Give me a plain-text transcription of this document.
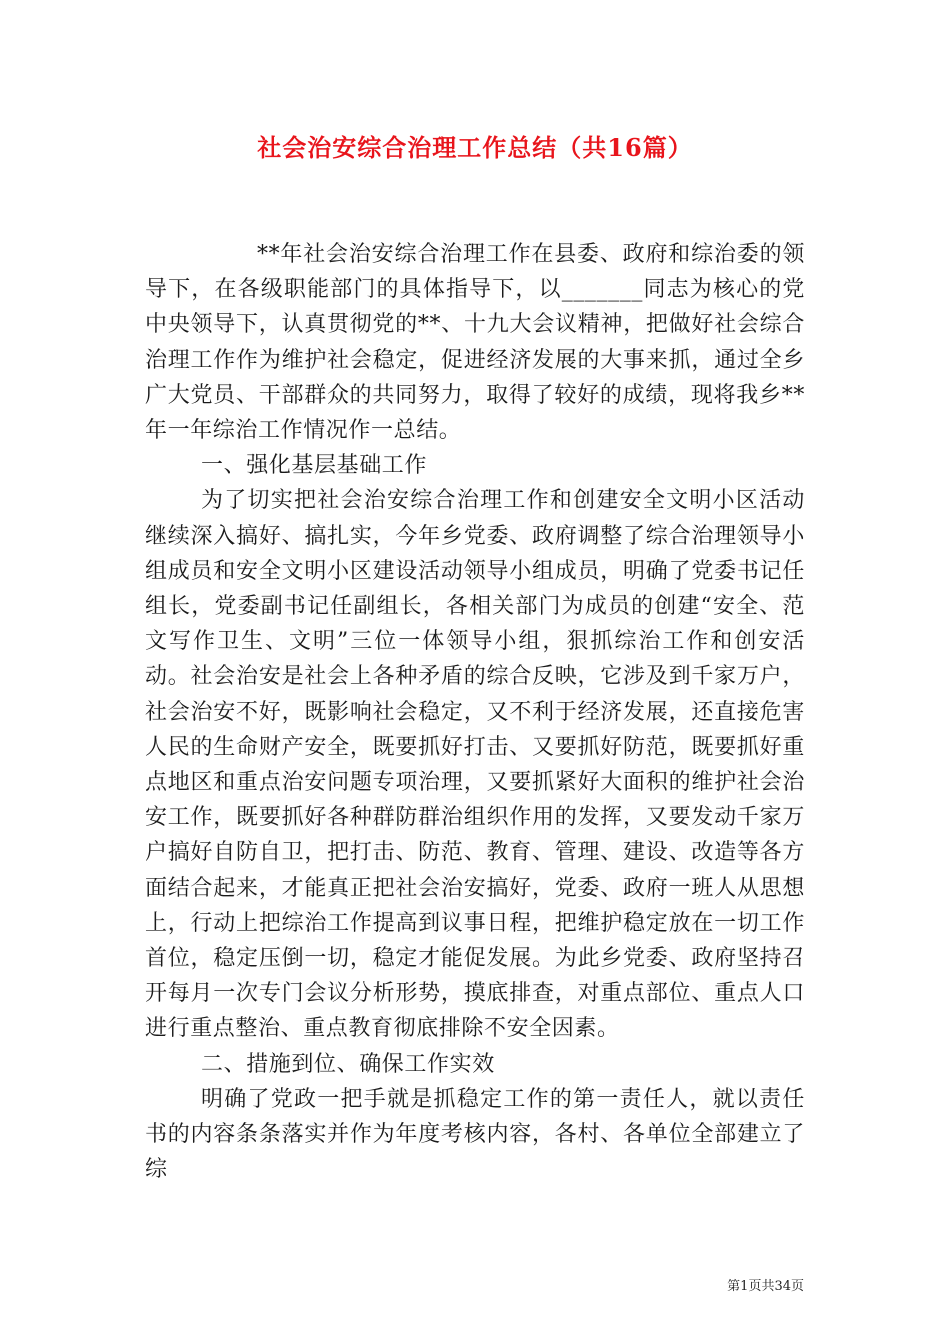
社会治安综合治理工作总结（共16篇）

**年社会治安综合治理工作在县委、政府和综治委的领导下，在各级职能部门的具体指导下，以_______同志为核心的党中央领导下，认真贯彻党的**、十九大会议精神，把做好社会综合治理工作作为维护社会稳定，促进经济发展的大事来抓，通过全乡广大党员、干部群众的共同努力，取得了较好的成绩，现将我乡**年一年综治工作情况作一总结。

一、强化基层基础工作

为了切实把社会治安综合治理工作和创建安全文明小区活动继续深入搞好、搞扎实，今年乡党委、政府调整了综合治理领导小组成员和安全文明小区建设活动领导小组成员，明确了党委书记任组长，党委副书记任副组长，各相关部门为成员的创建“安全、范文写作卫生、文明”三位一体领导小组，狠抓综治工作和创安活动。社会治安是社会上各种矛盾的综合反映，它涉及到千家万户，社会治安不好，既影响社会稳定，又不利于经济发展，还直接危害人民的生命财产安全，既要抓好打击、又要抓好防范，既要抓好重点地区和重点治安问题专项治理，又要抓紧好大面积的维护社会治安工作，既要抓好各种群防群治组织作用的发挥，又要发动千家万户搞好自防自卫，把打击、防范、教育、管理、建设、改造等各方面结合起来，才能真正把社会治安搞好，党委、政府一班人从思想上，行动上把综治工作提高到议事日程，把维护稳定放在一切工作首位，稳定压倒一切，稳定才能促发展。为此乡党委、政府坚持召开每月一次专门会议分析形势，摸底排查，对重点部位、重点人口进行重点整治、重点教育彻底排除不安全因素。

二、措施到位、确保工作实效

明确了党政一把手就是抓稳定工作的第一责任人，就以责任书的内容条条落实并作为年度考核内容，各村、各单位全部建立了综

第1页共34页
